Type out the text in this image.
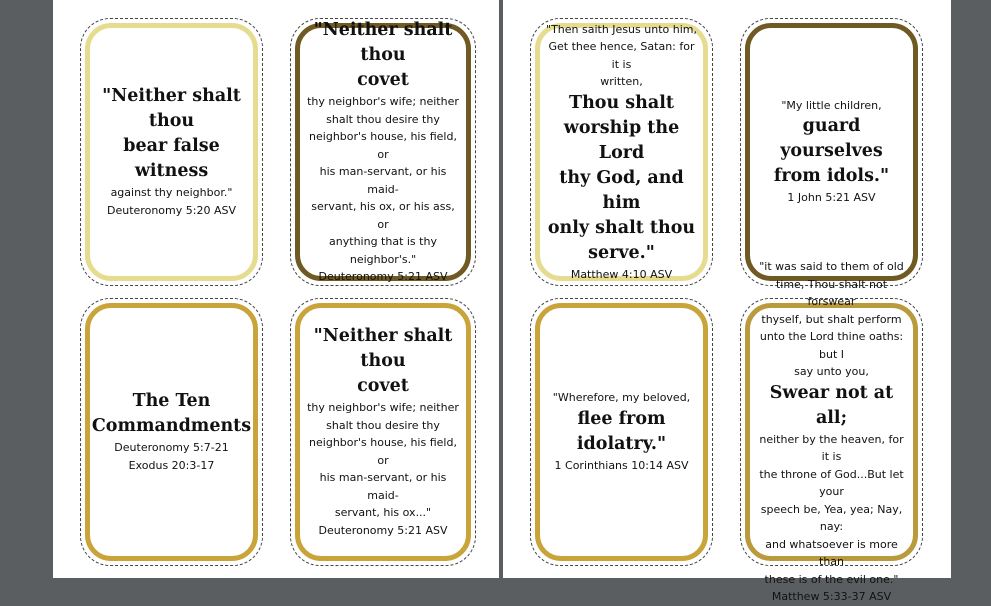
"Neither shalt thou
bear false witness
against thy neighbor."
Deuteronomy 5:20 ASV
"Neither shalt thou
covet
thy neighbor's wife; neither
shalt thou desire thy
neighbor's house, his field, or
his man-servant, or his maid-
servant, his ox, or his ass, or
anything that is thy
neighbor's."
Deuteronomy 5:21 ASV
The Ten
Commandments
Deuteronomy 5:7-21
Exodus 20:3-17
"Neither shalt thou
covet
thy neighbor's wife; neither
shalt thou desire thy
neighbor's house, his field, or
his man-servant, or his maid-
servant, his ox..."
Deuteronomy 5:21 ASV
"Then saith Jesus unto him,
Get thee hence, Satan: for it is
written,
Thou shalt
worship the Lord
thy God, and him
only shalt thou
serve."
Matthew 4:10 ASV
"My little children,
guard yourselves
from idols."
1 John 5:21 ASV
"Wherefore, my beloved,
flee from idolatry."
1 Corinthians 10:14 ASV
"it was said to them of old
time, Thou shalt not forswear
thyself, but shalt perform
unto the Lord thine oaths: but I
say unto you,
Swear not at all;
neither by the heaven, for it is
the throne of God...But let your
speech be, Yea, yea; Nay, nay:
and whatsoever is more than
these is of the evil one."
Matthew 5:33-37 ASV
